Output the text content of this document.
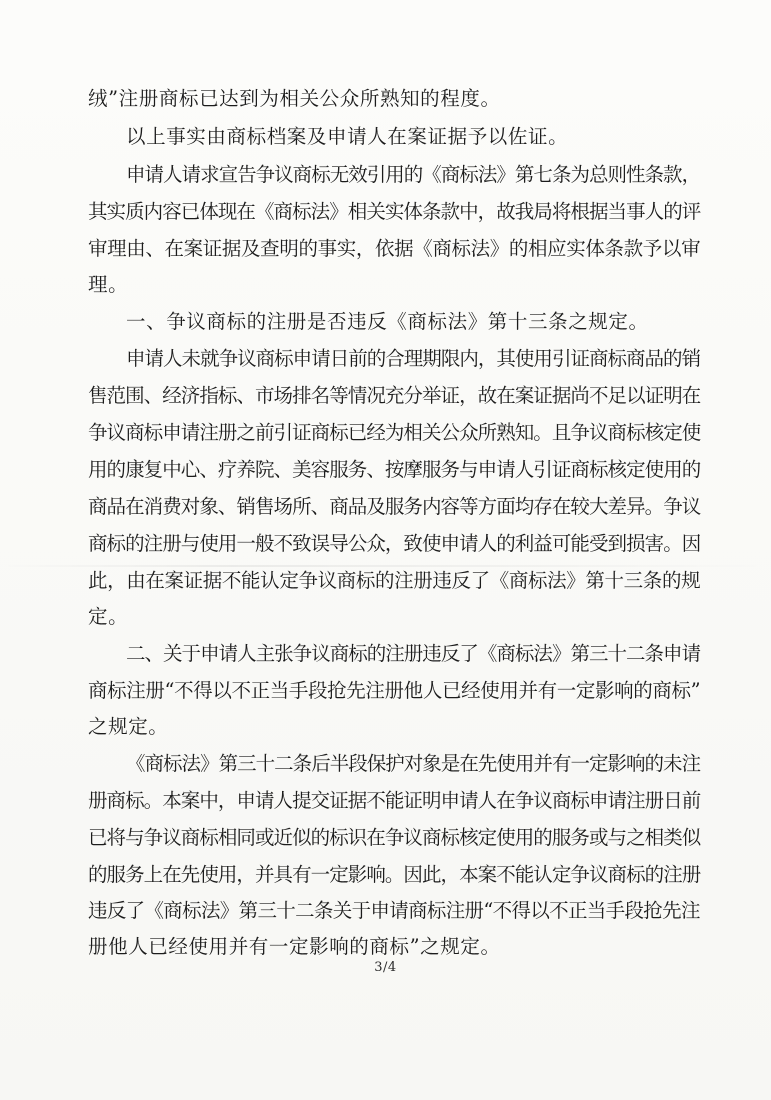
绒”注册商标已达到为相关公众所熟知的程度。
以上事实由商标档案及申请人在案证据予以佐证。
申请人请求宣告争议商标无效引用的《商标法》第七条为总则性条款，
其实质内容已体现在《商标法》相关实体条款中，故我局将根据当事人的评
审理由、在案证据及查明的事实，依据《商标法》的相应实体条款予以审
理。
一、争议商标的注册是否违反《商标法》第十三条之规定。
申请人未就争议商标申请日前的合理期限内，其使用引证商标商品的销
售范围、经济指标、市场排名等情况充分举证，故在案证据尚不足以证明在
争议商标申请注册之前引证商标已经为相关公众所熟知。且争议商标核定使
用的康复中心、疗养院、美容服务、按摩服务与申请人引证商标核定使用的
商品在消费对象、销售场所、商品及服务内容等方面均存在较大差异。争议
商标的注册与使用一般不致误导公众，致使申请人的利益可能受到损害。因
此，由在案证据不能认定争议商标的注册违反了《商标法》第十三条的规
定。
二、关于申请人主张争议商标的注册违反了《商标法》第三十二条申请
商标注册“不得以不正当手段抢先注册他人已经使用并有一定影响的商标”
之规定。
《商标法》第三十二条后半段保护对象是在先使用并有一定影响的未注
册商标。本案中，申请人提交证据不能证明申请人在争议商标申请注册日前
已将与争议商标相同或近似的标识在争议商标核定使用的服务或与之相类似
的服务上在先使用，并具有一定影响。因此，本案不能认定争议商标的注册
违反了《商标法》第三十二条关于申请商标注册“不得以不正当手段抢先注
册他人已经使用并有一定影响的商标”之规定。
3/4
